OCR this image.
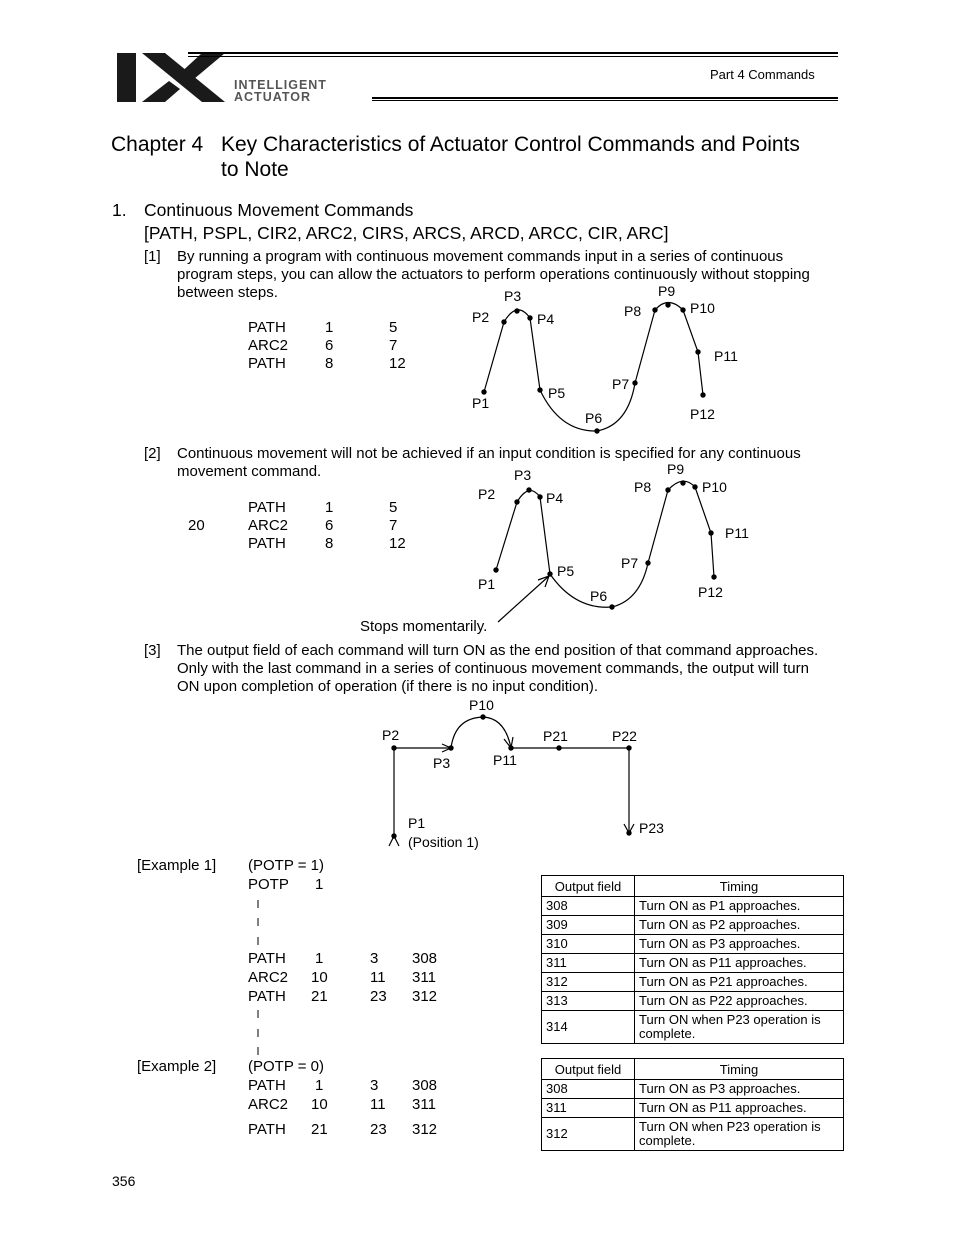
INTELLIGENT
ACTUATOR
Part 4 Commands
Chapter 4 Key Characteristics of Actuator Control Commands and Points
to Note
1. Continuous Movement Commands
[PATH, PSPL, CIR2, ARC2, CIRS, ARCS, ARCD, ARCC, CIR, ARC]
[1] By running a program with continuous movement commands input in a series of continuous
program steps, you can allow the actuators to perform operations continuously without stopping
between steps.
PATH	1	5
ARC2 6	7
PATH	8	12
[2] Continuous movement will not be achieved if an input condition is specified for any continuous
movement command.
20
PATH	1	5
ARC2 6	7
PATH	8	12
Stops momentarily.
[3] The output field of each command will turn ON as the end position of that command approaches.
Only with the last command in a series of continuous movement commands, the output will turn
ON upon completion of operation (if there is no input condition).
P1
P2
P3
P4
P5
P6
P7
P8
P9
P10
P11
P12
P1
P2
P3
P4
P5
P6
P7
P8
P9
P10
P11
P12
P10
P2
P3	P11
P21	P22
P1
(Position 1)
P23
[Example 1] (POTP = 1)
POTP 1
PATH 1	3 308
ARC2 10	11 311
PATH 21	23 312
Output field	Timing
308	Turn ON as P1 approaches.
309	Turn ON as P2 approaches.
310	Turn ON as P3 approaches.
311	Turn ON as P11 approaches.
312	Turn ON as P21 approaches.
313	Turn ON as P22 approaches.
314	Turn ON when P23 operation is complete.
[Example 2] (POTP = 0)
PATH 1	3 308
ARC2 10	11 311
PATH 21	23 312
Output field	Timing
308	Turn ON as P3 approaches.
311	Turn ON as P11 approaches.
312	Turn ON when P23 operation is complete.
356
